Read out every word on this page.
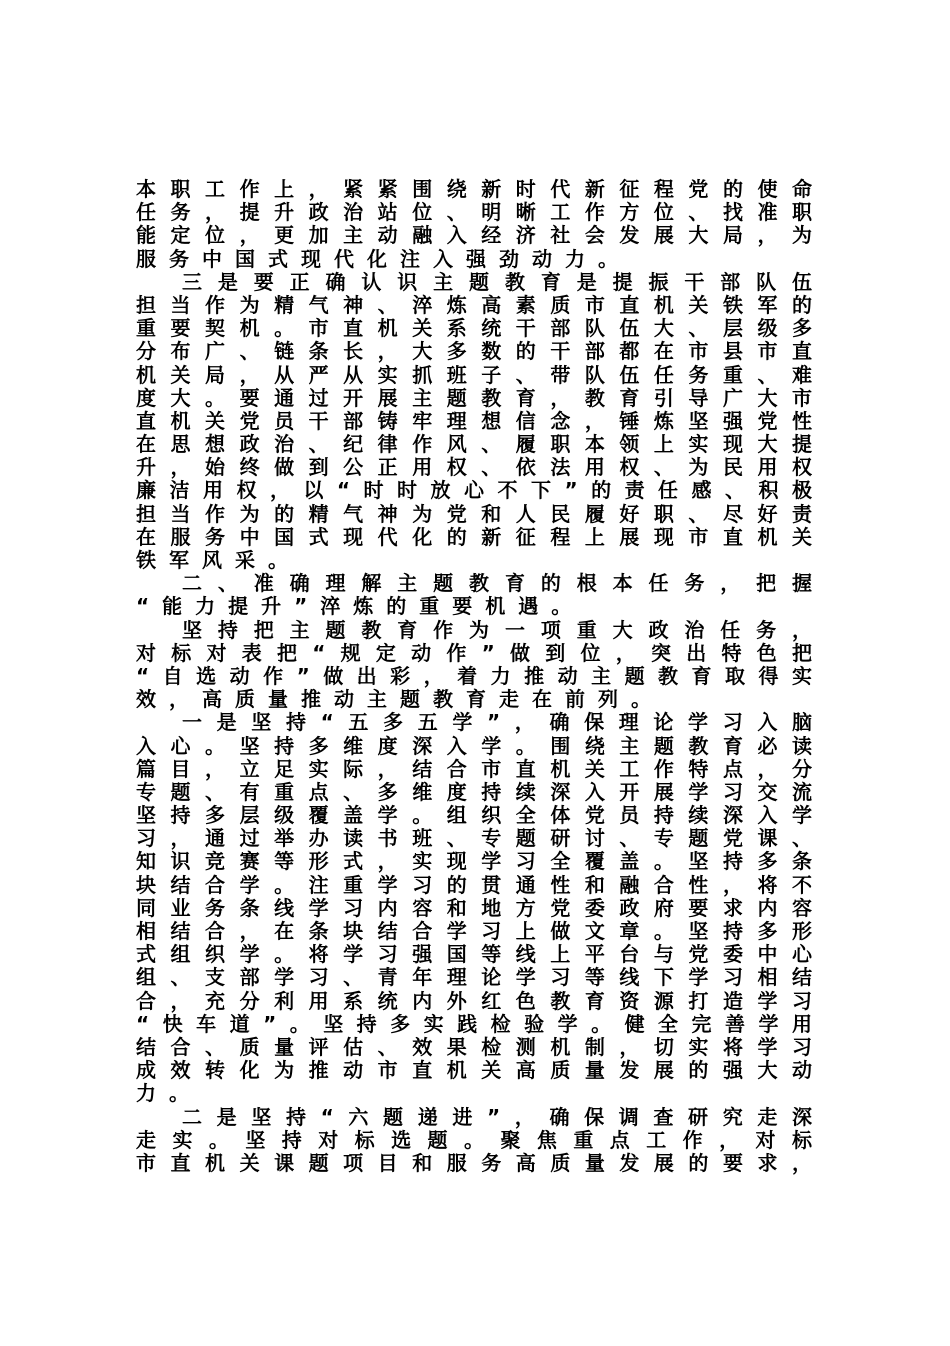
本职工作上，紧紧围绕新时代新征程党的使命
任务，提升政治站位、明晰工作方位、找准职
能定位，更加主动融入经济社会发展大局，为
服务中国式现代化注入强劲动力。
三是要正确认识主题教育是提振干部队伍
担当作为精气神、淬炼高素质市直机关铁军的
重要契机。市直机关系统干部队伍大、层级多
分布广、链条长，大多数的干部都在市县市直
机关局，从严从实抓班子、带队伍任务重、难
度大。要通过开展主题教育，教育引导广大市
直机关党员干部铸牢理想信念，锤炼坚强党性
在思想政治、纪律作风、履职本领上实现大提
升，始终做到公正用权、依法用权、为民用权
廉洁用权，以“时时放心不下”的责任感、积极
担当作为的精气神为党和人民履好职、尽好责
在服务中国式现代化的新征程上展现市直机关
铁军风采。
二、准确理解主题教育的根本任务，把握
“能力提升”淬炼的重要机遇。
坚持把主题教育作为一项重大政治任务，
对标对表把“规定动作”做到位，突出特色把
“自选动作”做出彩，着力推动主题教育取得实
效，高质量推动主题教育走在前列。
一是坚持“五多五学”，确保理论学习入脑
入心。坚持多维度深入学。围绕主题教育必读
篇目，立足实际，结合市直机关工作特点，分
专题、有重点、多维度持续深入开展学习交流
坚持多层级覆盖学。组织全体党员持续深入学
习，通过举办读书班、专题研讨、专题党课、
知识竞赛等形式，实现学习全覆盖。坚持多条
块结合学。注重学习的贯通性和融合性，将不
同业务条线学习内容和地方党委政府要求内容
相结合，在条块结合学习上做文章。坚持多形
式组织学。将学习强国等线上平台与党委中心
组、支部学习、青年理论学习等线下学习相结
合，充分利用系统内外红色教育资源打造学习
“快车道”。坚持多实践检验学。健全完善学用
结合、质量评估、效果检测机制，切实将学习
成效转化为推动市直机关高质量发展的强大动
力。
二是坚持“六题递进”，确保调查研究走深
走实。坚持对标选题。聚焦重点工作，对标
市直机关课题项目和服务高质量发展的要求，
